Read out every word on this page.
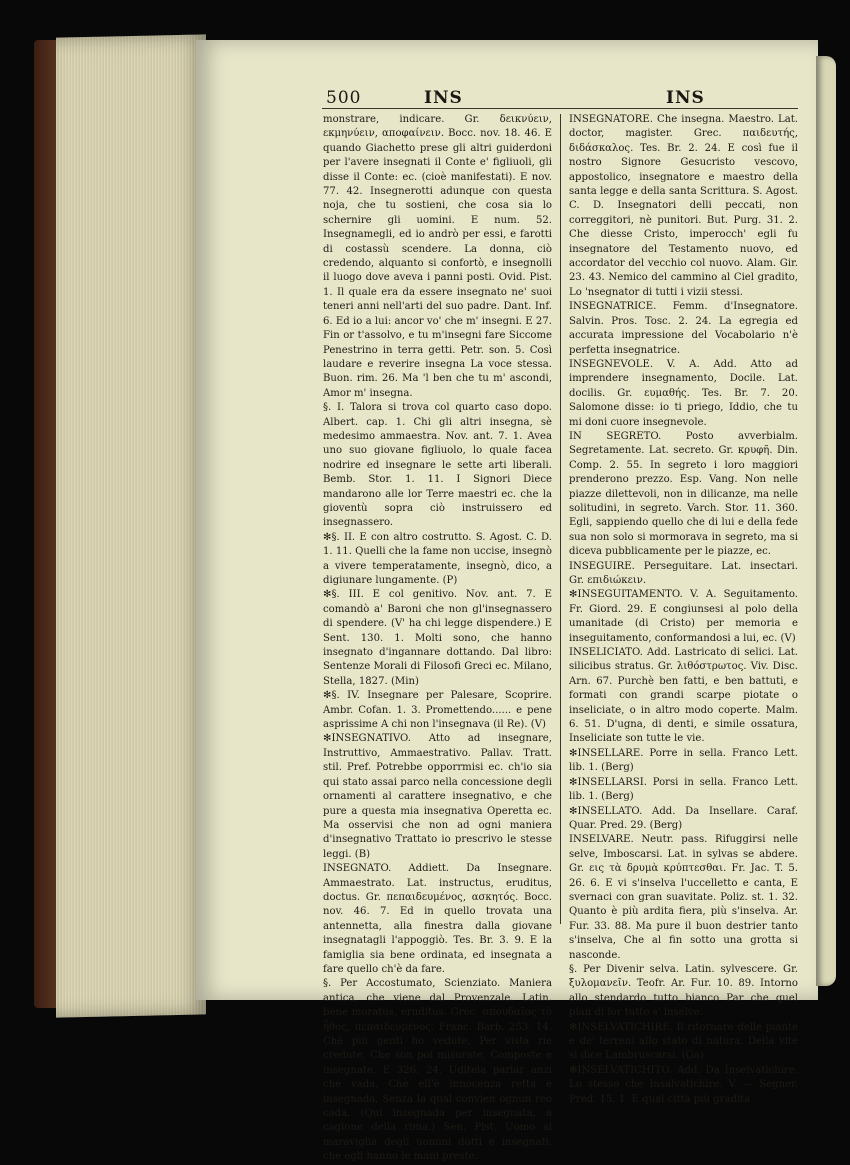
500	INS	INS

monstrare, indicare. Gr. δεικνύειν, εκμηνύειν, αποφαίνειν. Bocc. nov. 18. 46. E quando Giachetto prese gli altri guiderdoni per l'avere insegnati il Conte e' figliuoli, gli disse il Conte: ec. (cioè manifestati). E nov. 77. 42. Insegnerotti adunque con questa noja, che tu sostieni, che cosa sia lo schernire gli uomini. E num. 52. Insegnamegli, ed io andrò per essi, e farotti di costassù scendere. La donna, ciò credendo, alquanto si confortò, e insegnolli il luogo dove aveva i panni posti. Ovid. Pist. 1. Il quale era da essere insegnato ne' suoi teneri anni nell'arti del suo padre. Dant. Inf. 6. Ed io a lui: ancor vo' che m' insegni. E 27. Fin or t'assolvo, e tu m'insegni fare Siccome Penestrino in terra getti. Petr. son. 5. Così laudare e reverire insegna La voce stessa. Buon. rim. 26. Ma 'l ben che tu m' ascondi, Amor m' insegna.

§. I. Talora si trova col quarto caso dopo. Albert. cap. 1. Chi gli altri insegna, sè medesimo ammaestra. Nov. ant. 7. 1. Avea uno suo giovane figliuolo, lo quale facea nodrire ed insegnare le sette arti liberali. Bemb. Stor. 1. 11. I Signori Diece mandarono alle lor Terre maestri ec. che la gioventù sopra ciò instruissero ed insegnassero.

✻§. II. E con altro costrutto. S. Agost. C. D. 1. 11. Quelli che la fame non uccise, insegnò a vivere temperatamente, insegnò, dico, a digiunare lungamente. (P)

✻§. III. E col genitivo. Nov. ant. 7. E comandò a' Baroni che non gl'insegnassero di spendere. (V' ha chi legge dispendere.) E Sent. 130. 1. Molti sono, che hanno insegnato d'ingannare dottando. Dal libro: Sentenze Morali di Filosofi Greci ec. Milano, Stella, 1827. (Min)

✻§. IV. Insegnare per Palesare, Scoprire. Ambr. Cofan. 1. 3. Promettendo...... e pene asprissime A chi non l'insegnava (il Re). (V)

✻INSEGNATIVO. Atto ad insegnare, Instruttivo, Ammaestrativo. Pallav. Tratt. stil. Pref. Potrebbe opporrmisi ec. ch'io sia qui stato assai parco nella concessione degli ornamenti al carattere insegnativo, e che pure a questa mia insegnativa Operetta ec. Ma osservisi che non ad ogni maniera d'insegnativo Trattato io prescrivo le stesse leggi. (B)

INSEGNATO. Addiett. Da Insegnare. Ammaestrato. Lat. instructus, eruditus, doctus. Gr. πεπαιδευμένος, ασκητός. Bocc. nov. 46. 7. Ed in quello trovata una antennetta, alla finestra dalla giovane insegnatagli l'appoggiò. Tes. Br. 3. 9. E la famiglia sia bene ordinata, ed insegnata a fare quello ch'è da fare.

§. Per Accostumato, Scienziato. Maniera antica, che viene dal Provenzale. Latin. bene moratus, eruditus. Grec. σπουδαῖος τὸ ἦθος, πεπαιδευμένος. Franc. Barb. 253. 14. Chè più genti ho vedute, Per vista rie credute, Che son poi misurate, Composte e insegnate. E 326. 24. Uditela parlar anzi che vada, Chè ell'è innocenza retta e insegnada, Senza la qual convien ognun reo cada. (Qui insegnada per insegnata, a cagione della rima.) Sen. Pist. Uomo si maraviglia degli uomini dotti e insegnati, che egli hanno le mani preste.

INSEGNATORE. Che insegna. Maestro. Lat. doctor, magister. Grec. παιδευτής, διδάσκαλος. Tes. Br. 2. 24. E così fue il nostro Signore Gesucristo vescovo, appostolico, insegnatore e maestro della santa legge e della santa Scrittura. S. Agost. C. D. Insegnatori delli peccati, non correggitori, nè punitori. But. Purg. 31. 2. Che diesse Cristo, imperocch' egli fu insegnatore del Testamento nuovo, ed accordator del vecchio col nuovo. Alam. Gir. 23. 43. Nemico del cammino al Ciel gradito, Lo 'nsegnator di tutti i vizii stessi.

INSEGNATRICE. Femm. d'Insegnatore. Salvin. Pros. Tosc. 2. 24. La egregia ed accurata impressione del Vocabolario n'è perfetta insegnatrice.

INSEGNEVOLE. V. A. Add. Atto ad imprendere insegnamento, Docile. Lat. docilis. Gr. ευμαθής. Tes. Br. 7. 20. Salomone disse: io ti priego, Iddio, che tu mi doni cuore insegnevole.

IN SEGRETO. Posto avverbialm. Segretamente. Lat. secreto. Gr. κρυφῆ. Din. Comp. 2. 55. In segreto i loro maggiori prenderono prezzo. Esp. Vang. Non nelle piazze dilettevoli, non in dilicanze, ma nelle solitudini, in segreto. Varch. Stor. 11. 360. Egli, sappiendo quello che di lui e della fede sua non solo si mormorava in segreto, ma si diceva pubblicamente per le piazze, ec.

INSEGUIRE. Perseguitare. Lat. insectari. Gr. επιδιώκειν.

✻INSEGUITAMENTO. V. A. Seguitamento. Fr. Giord. 29. E congiunsesi al polo della umanitade (di Cristo) per memoria e inseguitamento, conformandosi a lui, ec. (V)

INSELICIATO. Add. Lastricato di selici. Lat. silicibus stratus. Gr. λιθόστρωτος. Viv. Disc. Arn. 67. Purchè ben fatti, e ben battuti, e formati con grandi scarpe piotate o inseliciate, o in altro modo coperte. Malm. 6. 51. D'ugna, di denti, e simile ossatura, Inseliciate son tutte le vie.

✻INSELLARE. Porre in sella. Franco Lett. lib. 1. (Berg)

✻INSELLARSI. Porsi in sella. Franco Lett. lib. 1. (Berg)

✻INSELLATO. Add. Da Insellare. Caraf. Quar. Pred. 29. (Berg)

INSELVARE. Neutr. pass. Rifuggirsi nelle selve, Imboscarsi. Lat. in sylvas se abdere. Gr. εις τὰ δρυμὰ κρύπτεσθαι. Fr. Jac. T. 5. 26. 6. E vi s'inselva l'uccelletto e canta, E svernaci con gran suavitate. Poliz. st. 1. 32. Quanto è più ardita fiera, più s'inselva. Ar. Fur. 33. 88. Ma pure il buon destrier tanto s'inselva, Che al fin sotto una grotta si nasconde.

§. Per Divenir selva. Latin. sylvescere. Gr. ξυλομανεῖν. Teofr. Ar. Fur. 10. 89. Intorno allo stendardo tutto bianco Par che quel pian di lor tutto s' inselve.

✻INSELVATICHIRE. Il ritornare delle piante e de' terreni allo stato di natura. Della vite si dice Lambruscarsi. (Ga)

✻INSELVATICHITO. Add. Da Inselvatichire. Lo stesso che Insalvatichire. V. — Segner. Pred. 15. 1. E qual città più gradita
